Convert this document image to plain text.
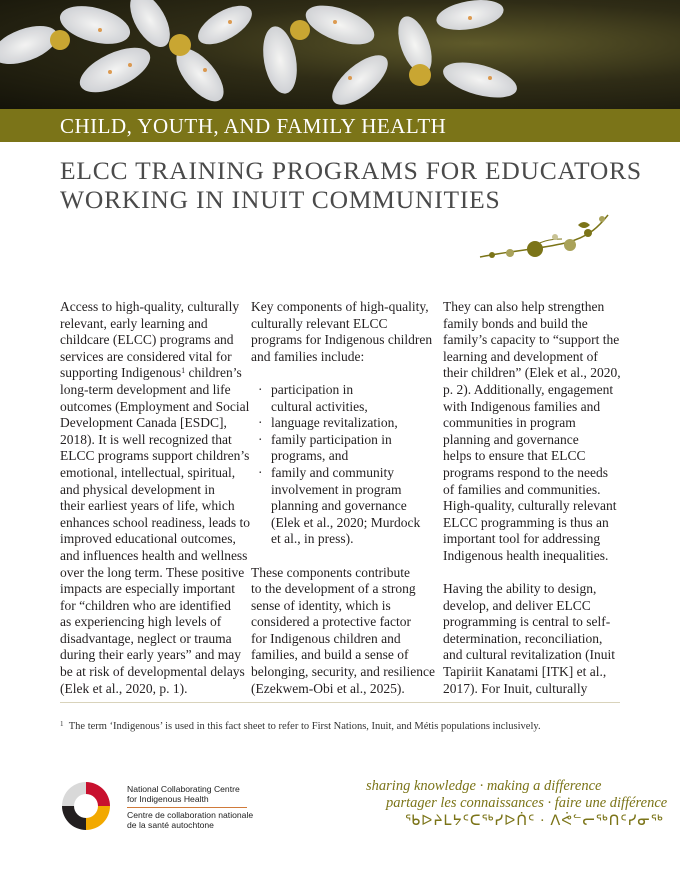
CHILD, YOUTH, AND FAMILY HEALTH
ELCC TRAINING PROGRAMS FOR EDUCATORS
WORKING IN INUIT COMMUNITIES

Access to high-quality, culturally
relevant, early learning and
childcare (ELCC) programs and
services are considered vital for
supporting Indigenous$^1$ children’s
long-term development and life
outcomes (Employment and Social
Development Canada [ESDC],
2018). It is well recognized that
ELCC programs support children’s
emotional, intellectual, spiritual,
and physical development in
their earliest years of life, which
enhances school readiness, leads to
improved educational outcomes,
and influences health and wellness
over the long term. These positive
impacts are especially important
for “children who are identified
as experiencing high levels of
disadvantage, neglect or trauma
during their early years” and may
be at risk of developmental delays
(Elek et al., 2020, p. 1).

Key components of high-quality,
culturally relevant ELCC
programs for Indigenous children
and families include:

· participation in
cultural activities,
· language revitalization,
· family participation in
programs, and
· family and community
involvement in program
planning and governance
(Elek et al., 2020; Murdock
et al., in press).

These components contribute
to the development of a strong
sense of identity, which is
considered a protective factor
for Indigenous children and
families, and build a sense of
belonging, security, and resilience
(Ezekwem-Obi et al., 2025).

They can also help strengthen
family bonds and build the
family’s capacity to “support the
learning and development of
their children” (Elek et al., 2020,
p. 2). Additionally, engagement
with Indigenous families and
communities in program
planning and governance
helps to ensure that ELCC
programs respond to the needs
of families and communities.
High-quality, culturally relevant
ELCC programming is thus an
important tool for addressing
Indigenous health inequalities.

Having the ability to design,
develop, and deliver ELCC
programming is central to self-
determination, reconciliation,
and cultural revitalization (Inuit
Tapiriit Kanatami [ITK] et al.,
2017). For Inuit, culturally

$^1$ The term ‘Indigenous’ is used in this fact sheet to refer to First Nations, Inuit, and Métis populations inclusively.
National Collaborating Centre
for Indigenous Health
Centre de collaboration nationale
de la santé autochtone
sharing knowledge · making a difference
partager les connaissances · faire une différence
ᖃᐅᔨᒪᔭᑦᑕᖅᓯᐅᑏᑦ · ᐱᕚᓪᓕᖅᑎᑦᓯᓂᖅ
